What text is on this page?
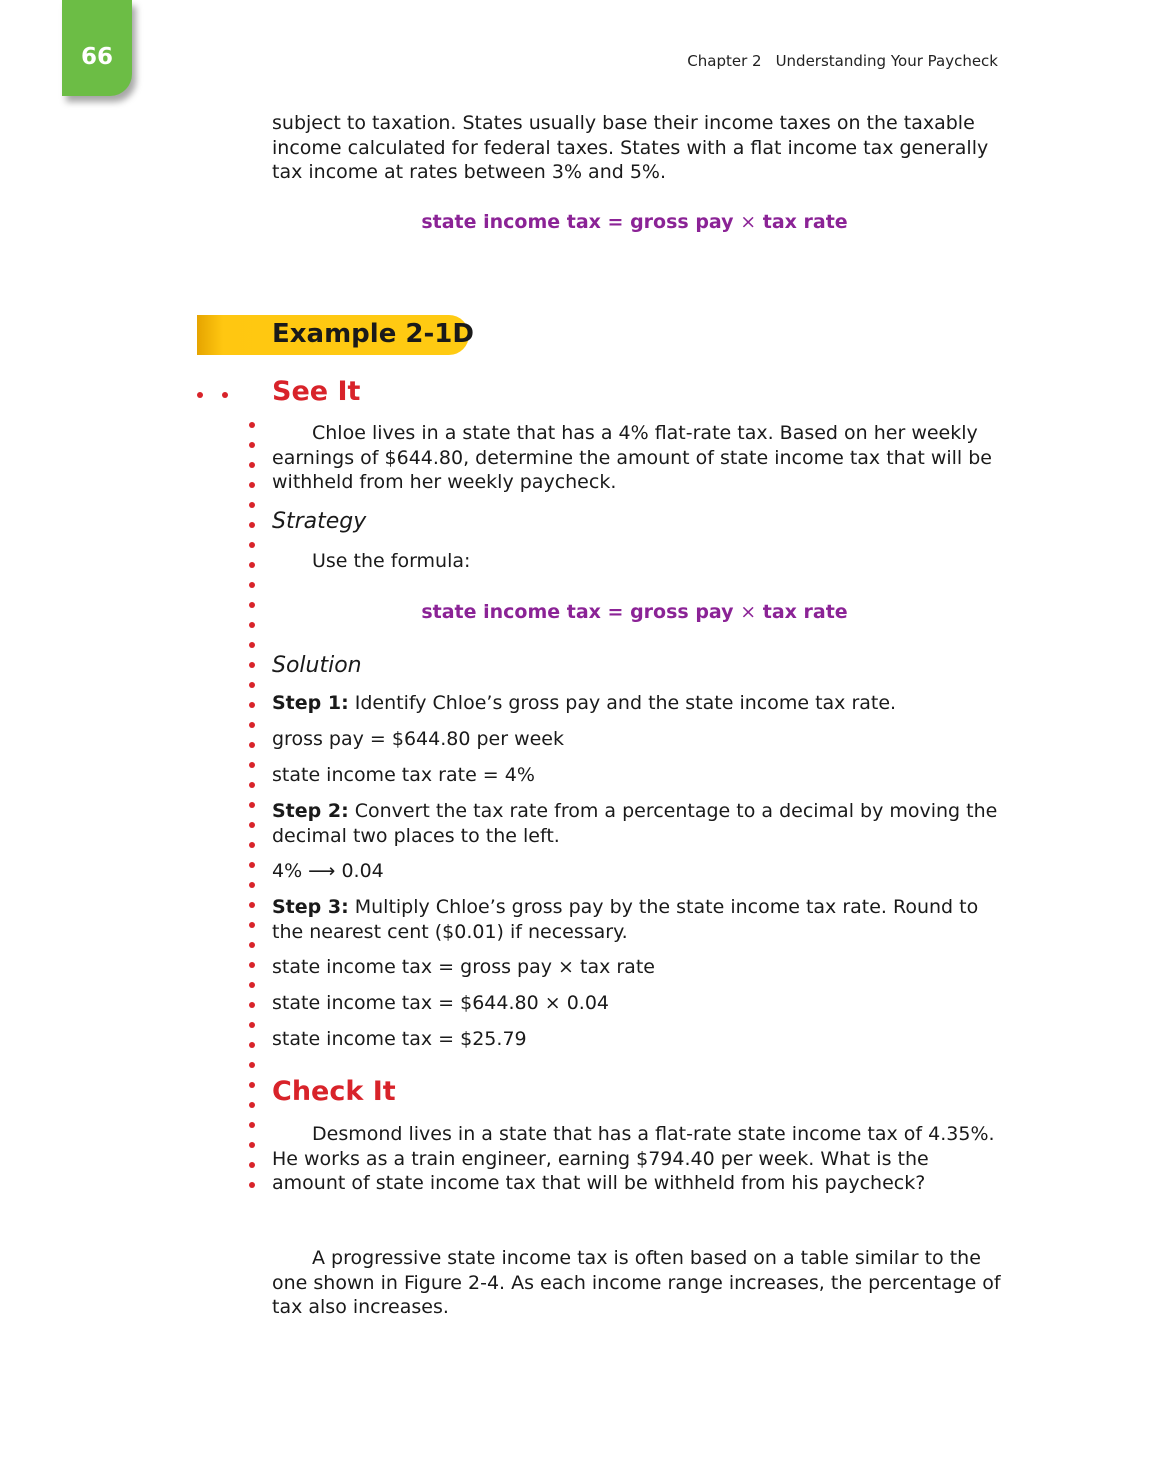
66	Chapter 2 Understanding Your Paycheck
subject to taxation. States usually base their income taxes on the taxable income calculated for federal taxes. States with a flat income tax generally tax income at rates between 3% and 5%.
state income tax = gross pay × tax rate
Example 2-1D
See It
Chloe lives in a state that has a 4% flat-rate tax. Based on her weekly earnings of $644.80, determine the amount of state income tax that will be withheld from her weekly paycheck.
Strategy
Use the formula:
state income tax = gross pay × tax rate
Solution
Step 1: Identify Chloe’s gross pay and the state income tax rate.
gross pay = $644.80 per week
state income tax rate = 4%
Step 2: Convert the tax rate from a percentage to a decimal by moving the decimal two places to the left.
4% ⟶ 0.04
Step 3: Multiply Chloe’s gross pay by the state income tax rate. Round to the nearest cent ($0.01) if necessary.
state income tax = gross pay × tax rate
state income tax = $644.80 × 0.04
state income tax = $25.79
Check It
Desmond lives in a state that has a flat-rate state income tax of 4.35%. He works as a train engineer, earning $794.40 per week. What is the amount of state income tax that will be withheld from his paycheck?
A progressive state income tax is often based on a table similar to the one shown in Figure 2-4. As each income range increases, the percentage of tax also increases.
